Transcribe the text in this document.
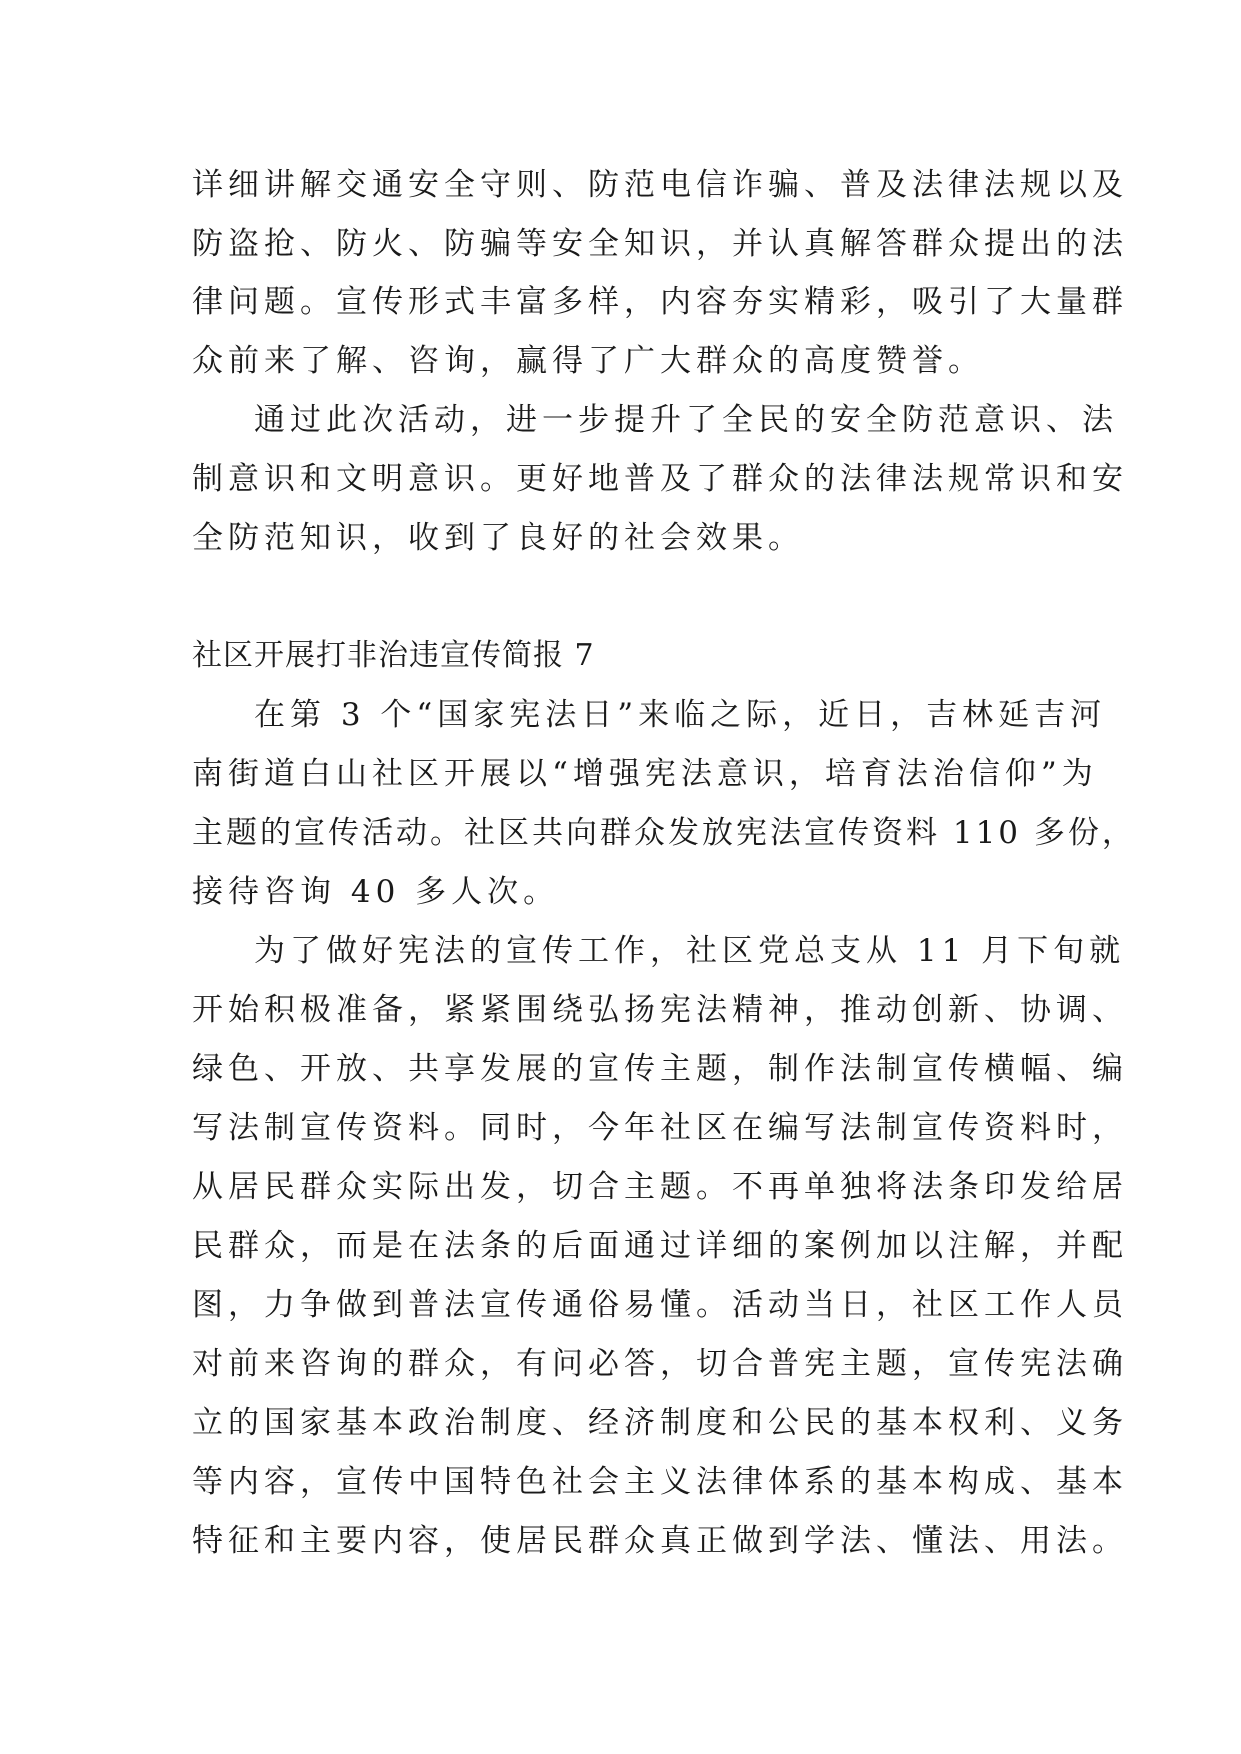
详细讲解交通安全守则、防范电信诈骗、普及法律法规以及
防盗抢、防火、防骗等安全知识，并认真解答群众提出的法
律问题。宣传形式丰富多样，内容夯实精彩，吸引了大量群
众前来了解、咨询，赢得了广大群众的高度赞誉。
通过此次活动，进一步提升了全民的安全防范意识、法
制意识和文明意识。更好地普及了群众的法律法规常识和安
全防范知识，收到了良好的社会效果。
社区开展打非治违宣传简报 7
在第 3 个“国家宪法日”来临之际，近日，吉林延吉河
南街道白山社区开展以“增强宪法意识，培育法治信仰”为
主题的宣传活动。社区共向群众发放宪法宣传资料 110 多份，
接待咨询 40 多人次。
为了做好宪法的宣传工作，社区党总支从 11 月下旬就
开始积极准备，紧紧围绕弘扬宪法精神，推动创新、协调、
绿色、开放、共享发展的宣传主题，制作法制宣传横幅、编
写法制宣传资料。同时，今年社区在编写法制宣传资料时，
从居民群众实际出发，切合主题。不再单独将法条印发给居
民群众，而是在法条的后面通过详细的案例加以注解，并配
图，力争做到普法宣传通俗易懂。活动当日，社区工作人员
对前来咨询的群众，有问必答，切合普宪主题，宣传宪法确
立的国家基本政治制度、经济制度和公民的基本权利、义务
等内容，宣传中国特色社会主义法律体系的基本构成、基本
特征和主要内容，使居民群众真正做到学法、懂法、用法。
